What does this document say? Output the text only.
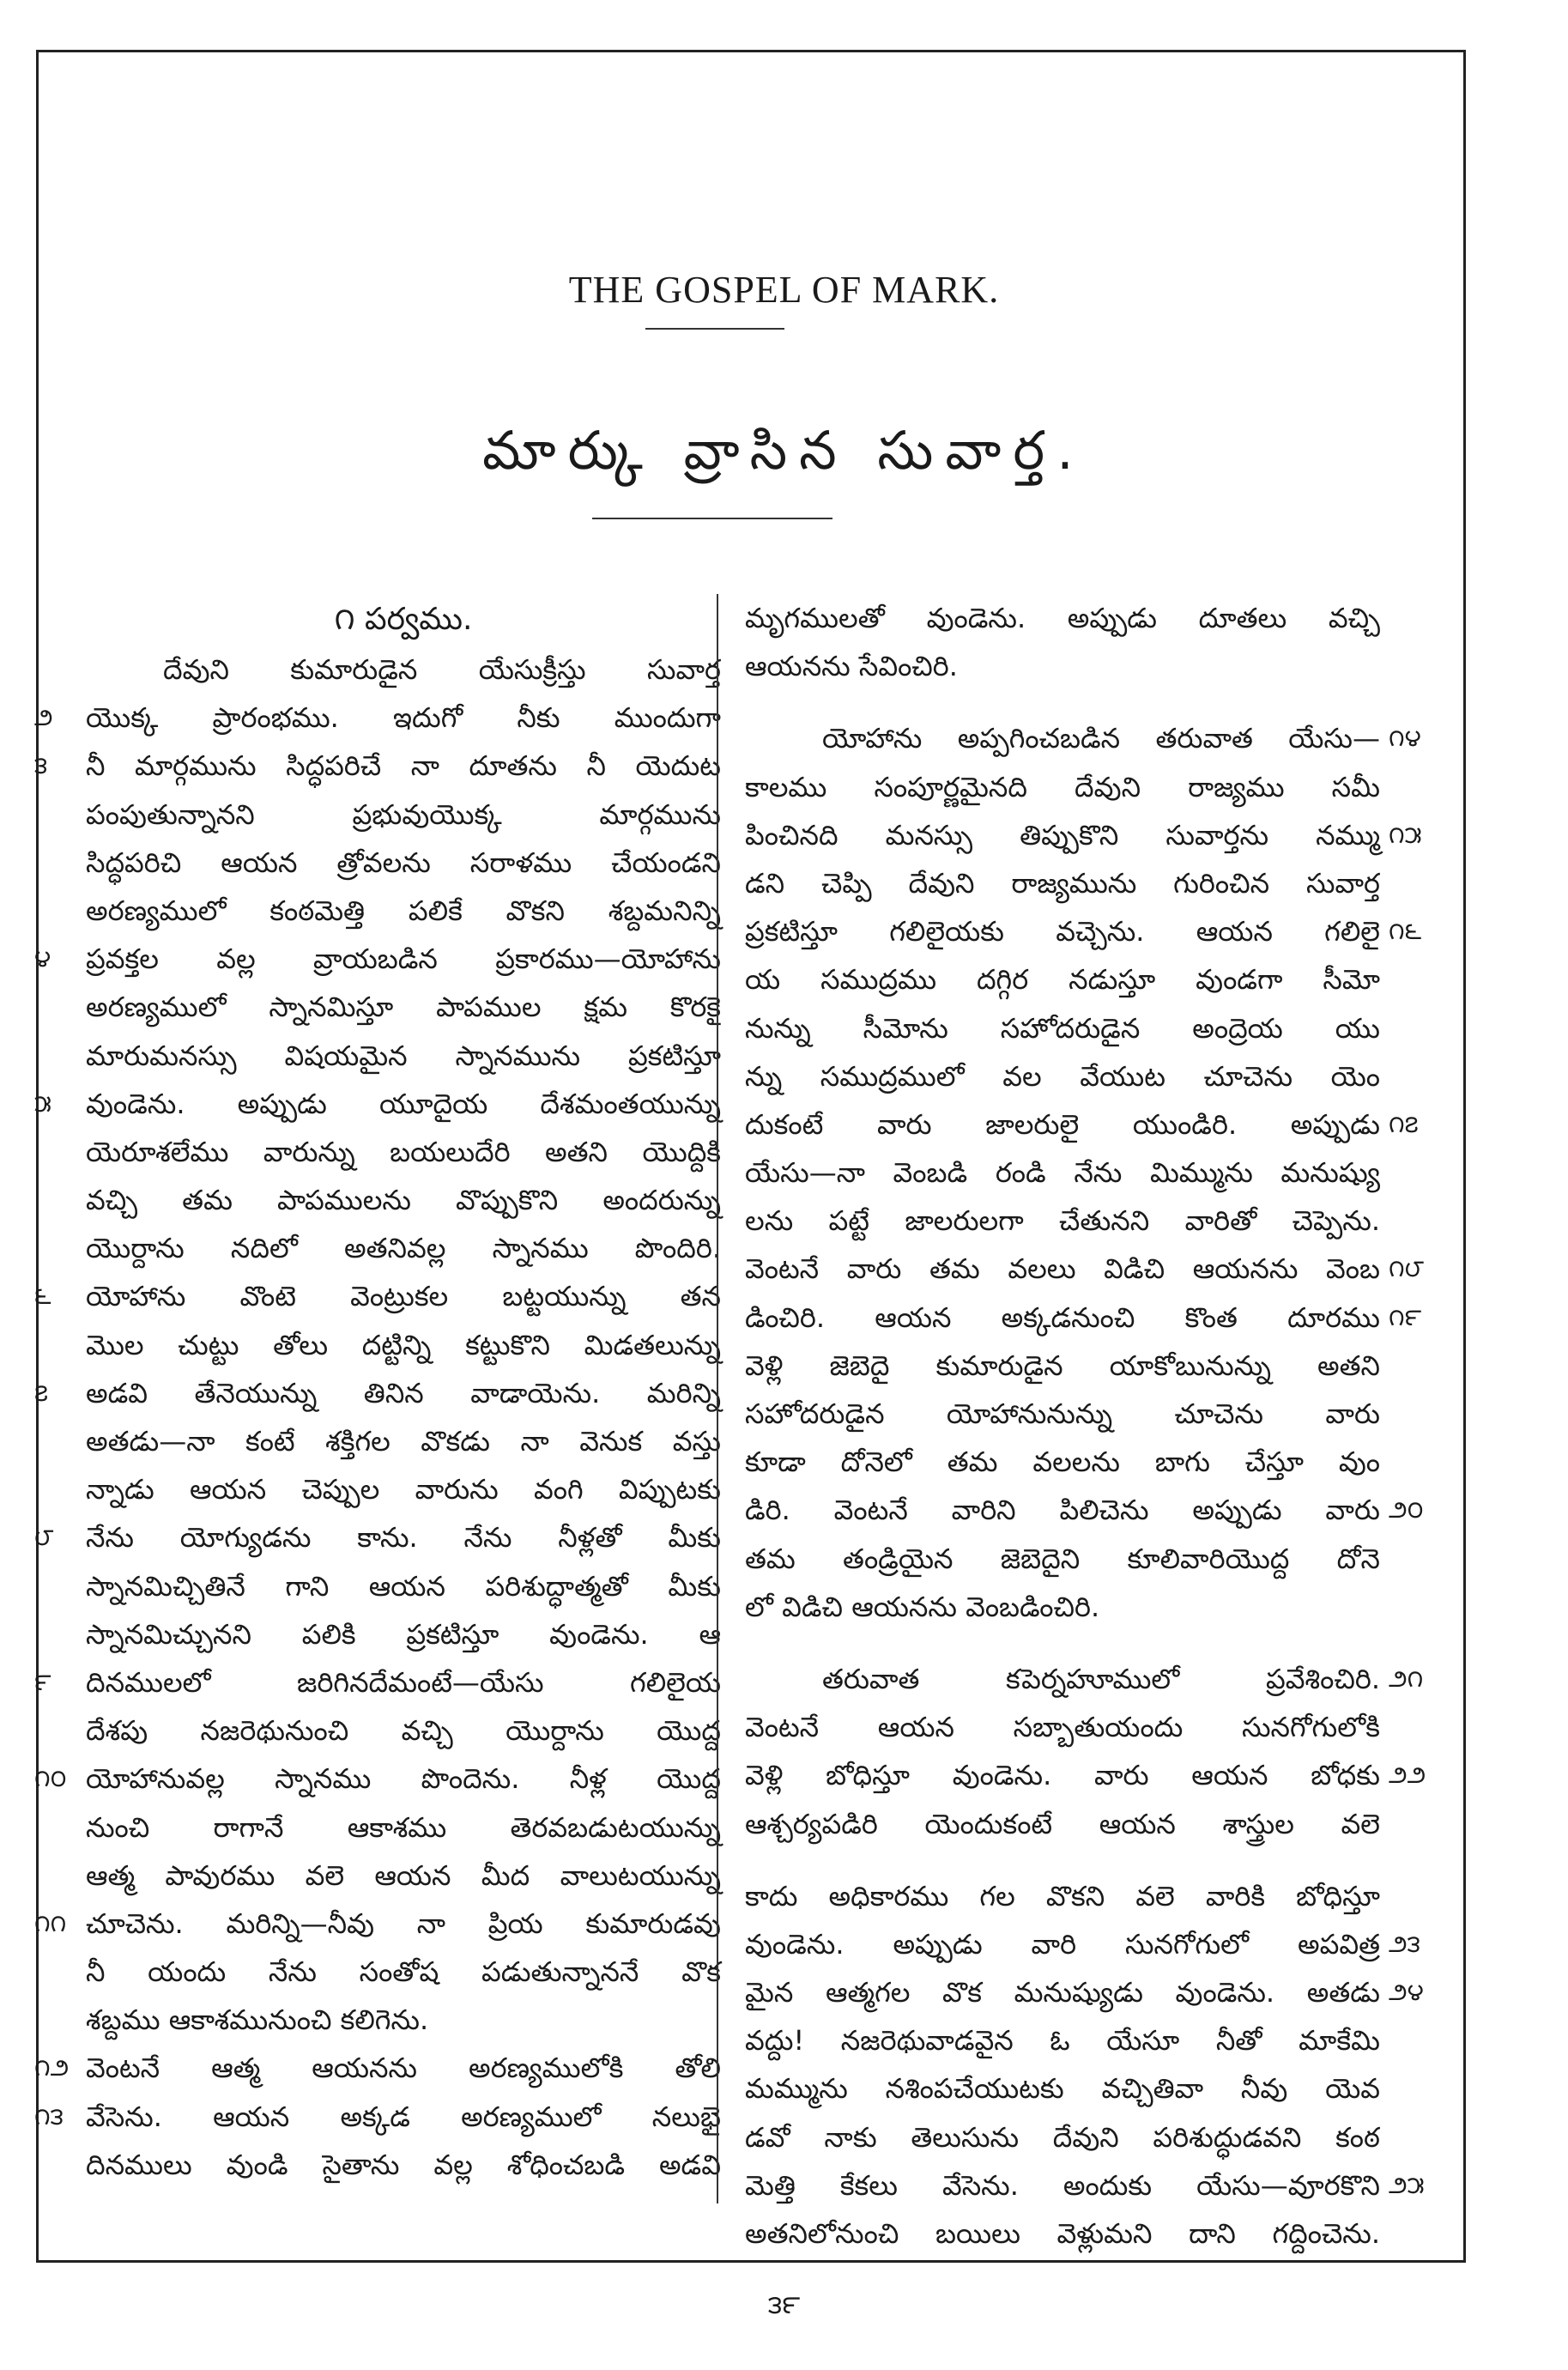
THE GOSPEL OF MARK.
మార్కు వ్రాసిన సువార్త.
౧ పర్వము.
దేవుని కుమారుడైన యేసుక్రీస్తు సువార్త
యొక్క ప్రారంభము. ఇదుగో నీకు ముందుగా
౨
నీ మార్గమును సిద్ధపరిచే నా దూతను నీ యెదుట
౩
పంపుతున్నానని ప్రభువుయొక్క మార్గమును
సిద్ధపరిచి ఆయన త్రోవలను సరాళము చేయండని
అరణ్యములో కంఠమెత్తి పలికే వొకని శబ్దమనిన్ని
ప్రవక్తల వల్ల వ్రాయబడిన ప్రకారము—యోహాను
౪
అరణ్యములో స్నానమిస్తూ పాపముల క్షమ కొరకై
మారుమనస్సు విషయమైన స్నానమును ప్రకటిస్తూ
వుండెను. అప్పుడు యూదైయ దేశమంతయున్ను
౫
యెరూశలేము వారున్ను బయలుదేరి అతని యొద్దికి
వచ్చి తమ పాపములను వొప్పుకొని అందరున్ను
యొర్దాను నదిలో అతనివల్ల స్నానము పొందిరి.
యోహాను వొంటె వెంట్రుకల బట్టయున్ను తన
౬
మొల చుట్టు తోలు దట్టిన్ని కట్టుకొని మిడతలున్ను
అడవి తేనెయున్ను తినిన వాడాయెను. మరిన్ని
౭
అతడు—నా కంటే శక్తిగల వొకడు నా వెనుక వస్తు
న్నాడు ఆయన చెప్పుల వారును వంగి విప్పుటకు
నేను యోగ్యుడను కాను. నేను నీళ్లతో మీకు
౮
స్నానమిచ్చితినే గాని ఆయన పరిశుద్ధాత్మతో మీకు
స్నానమిచ్చునని పలికి ప్రకటిస్తూ వుండెను. ఆ
దినములలో జరిగినదేమంటే—యేసు గలిలైయ
౯
దేశపు నజరెథునుంచి వచ్చి యొర్దాను యొద్ద
యోహానువల్ల స్నానము పొందెను. నీళ్ల యొద్ద
౧౦
నుంచి రాగానే ఆకాశము తెరవబడుటయున్ను
ఆత్మ పావురము వలె ఆయన మీద వాలుటయున్ను
చూచెను. మరిన్ని—నీవు నా ప్రియ కుమారుడవు
౧౧
నీ యందు నేను సంతోష పడుతున్నాననే వొక
శబ్దము ఆకాశమునుంచి కలిగెను.
వెంటనే ఆత్మ ఆయనను అరణ్యములోకి తోలి
౧౨
వేసెను. ఆయన అక్కడ అరణ్యములో నలుభై
౧౩
దినములు వుండి సైతాను వల్ల శోధించబడి అడవి
మృగములతో వుండెను. అప్పుడు దూతలు వచ్చి
ఆయనను సేవించిరి.
యోహాను అప్పగించబడిన తరువాత యేసు— ౧౪
కాలము సంపూర్ణమైనది దేవుని రాజ్యము సమీ
పించినది మనస్సు తిప్పుకొని సువార్తను నమ్ము ౧౫
డని చెప్పి దేవుని రాజ్యమును గురించిన సువార్త
ప్రకటిస్తూ గలిలైయకు వచ్చెను. ఆయన గలిలై ౧౬
య సముద్రము దగ్గిర నడుస్తూ వుండగా సీమో
నున్ను సీమోను సహోదరుడైన అంద్రెయ యు
న్ను సముద్రములో వల వేయుట చూచెను యెం
దుకంటే వారు జాలరులై యుండిరి. అప్పుడు ౧౭
యేసు—నా వెంబడి రండి నేను మిమ్మును మనుష్యు
లను పట్టే జాలరులగా చేతునని వారితో చెప్పెను.
వెంటనే వారు తమ వలలు విడిచి ఆయనను వెంబ ౧౮
డించిరి. ఆయన అక్కడనుంచి కొంత దూరము ౧౯
వెళ్లి జెబెదై కుమారుడైన యాకోబునున్ను అతని
సహోదరుడైన యోహానునున్ను చూచెను వారు
కూడా దోనెలో తమ వలలను బాగు చేస్తూ వుం
డిరి. వెంటనే వారిని పిలిచెను అప్పుడు వారు ౨౦
తమ తండ్రియైన జెబెదైని కూలివారియొద్ద దోనె
లో విడిచి ఆయనను వెంబడించిరి.
తరువాత కపెర్నహూములో ప్రవేశించిరి. ౨౧
వెంటనే ఆయన సబ్బాతుయందు సునగోగులోకి
వెళ్లి బోధిస్తూ వుండెను. వారు ఆయన బోధకు ౨౨
ఆశ్చర్యపడిరి యెందుకంటే ఆయన శాస్త్రుల వలె
కాదు అధికారము గల వొకని వలె వారికి బోధిస్తూ
వుండెను. అప్పుడు వారి సునగోగులో అపవిత్ర ౨౩
మైన ఆత్మగల వొక మనుష్యుడు వుండెను. అతడు ౨౪
వద్దు! నజరెథువాడవైన ఓ యేసూ నీతో మాకేమి
మమ్మును నశింపచేయుటకు వచ్చితివా నీవు యెవ
డవో నాకు తెలుసును దేవుని పరిశుద్ధుడవని కంఠ
మెత్తి కేకలు వేసెను. అందుకు యేసు—వూరకొని ౨౫
అతనిలోనుంచి బయిలు వెళ్లుమని దాని గద్దించెను.
౩౯
